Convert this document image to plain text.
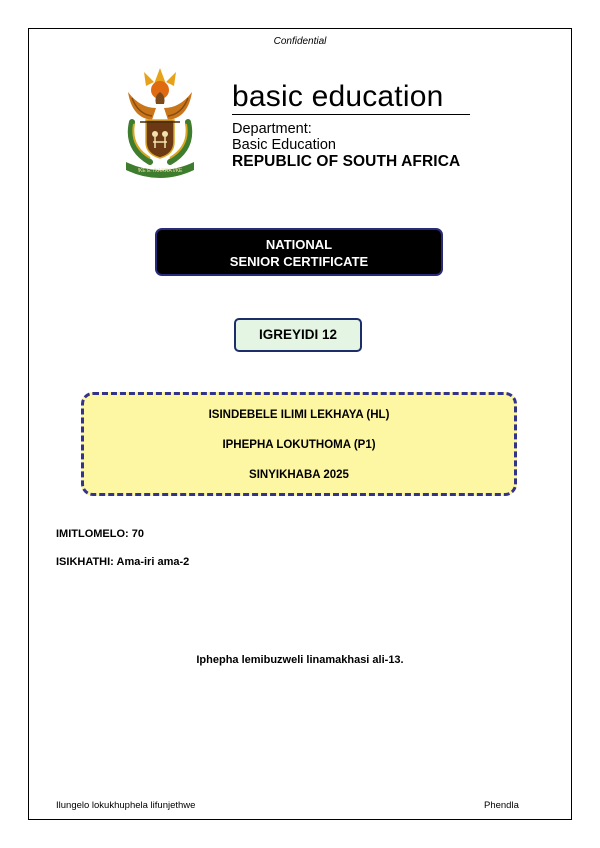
Confidential
!KE E: /XARRA //KE
basic education
Department:
Basic Education
REPUBLIC OF SOUTH AFRICA
NATIONAL
SENIOR CERTIFICATE
IGREYIDI 12
ISINDEBELE ILIMI LEKHAYA (HL)
IPHEPHA LOKUTHOMA (P1)
SINYIKHABA 2025
IMITLOMELO: 70
ISIKHATHI: Ama-iri ama-2
Iphepha lemibuzweli linamakhasi ali-13.
Ilungelo lokukhuphela lifunjethwe	Phendla
